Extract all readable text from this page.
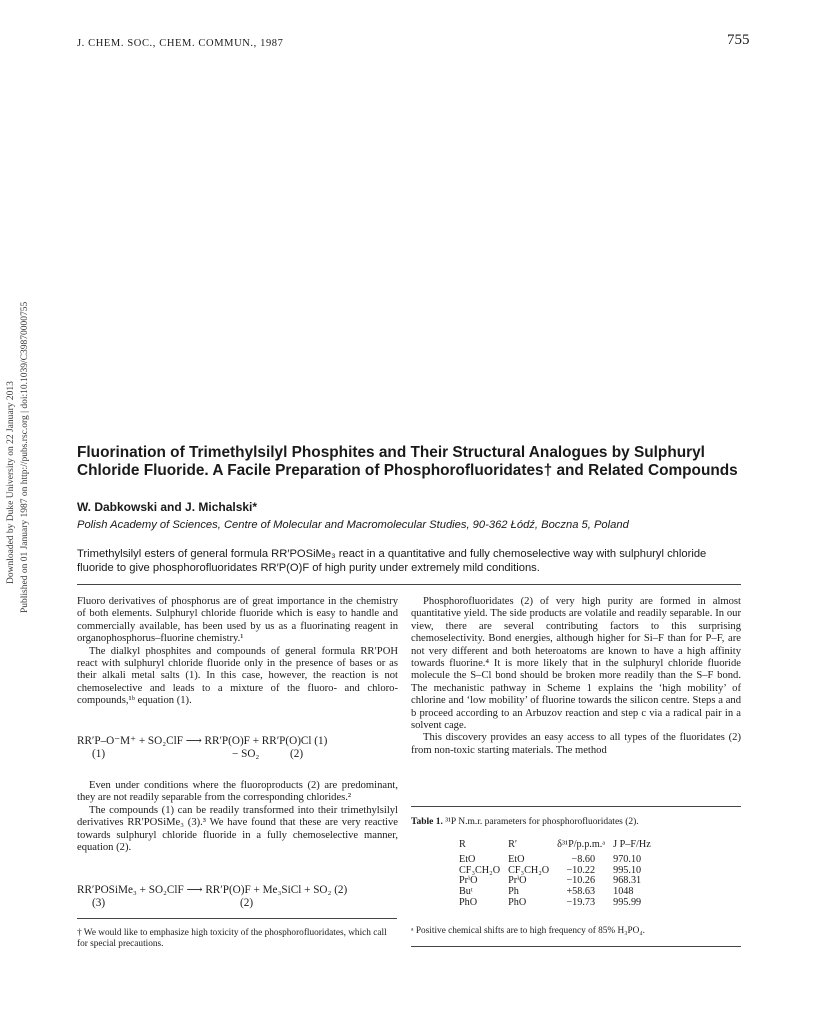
J. CHEM. SOC., CHEM. COMMUN., 1987	755
Downloaded by Duke University on 22 January 2013 Published on 01 January 1987 on http://pubs.rsc.org | doi:10.1039/C39870000755	Fluorination of Trimethylsilyl Phosphites and Their Structural Analogues by Sulphuryl Chloride Fluoride. A Facile Preparation of Phosphorofluoridates† and Related Compounds
W. Dabkowski and J. Michalski*
Polish Academy of Sciences, Centre of Molecular and Macromolecular Studies, 90-362 Łódź, Boczna 5, Poland
Trimethylsilyl esters of general formula RR′POSiMe₃ react in a quantitative and fully chemoselective way with sulphuryl chloride fluoride to give phosphorofluoridates RR′P(O)F of high purity under extremely mild conditions.

Fluoro derivatives of phosphorus are of great importance in the chemistry of both elements. Sulphuryl chloride fluoride which is easy to handle and commercially available, has been used by us as a fluorinating reagent in organophosphorus–fluorine chemistry.¹

The dialkyl phosphites and compounds of general formula RR′POH react with sulphuryl chloride fluoride only in the presence of bases or as their alkali metal salts (1). In this case, however, the reaction is not chemoselective and leads to a mixture of the fluoro- and chloro-compounds,¹ᵇ equation (1).

RR′P–O⁻M⁺ + SO₂ClF ⟶ RR′P(O)F + RR′P(O)Cl (1)
(1)	− SO₂	(2)

Even under conditions where the fluoroproducts (2) are predominant, they are not readily separable from the corresponding chlorides.²

The compounds (1) can be readily transformed into their trimethylsilyl derivatives RR′POSiMe₃ (3).³ We have found that these are very reactive towards sulphuryl chloride fluoride in a fully chemoselective manner, equation (2).

RR′POSiMe₃ + SO₂ClF ⟶ RR′P(O)F + Me₃SiCl + SO₂ (2)
(3)	(2)
† We would like to emphasize high toxicity of the phosphorofluoridates, which call for special precautions.

Phosphorofluoridates (2) of very high purity are formed in almost quantitative yield. The side products are volatile and readily separable. In our view, there are several contributing factors to this surprising chemoselectivity. Bond energies, although higher for Si–F than for P–F, are not very different and both heteroatoms are known to have a high affinity towards fluorine.⁴ It is more likely that in the sulphuryl chloride fluoride molecule the S–Cl bond should be broken more readily than the S–F bond. The mechanistic pathway in Scheme 1 explains the ‘high mobility’ of chlorine and ‘low mobility’ of fluorine towards the silicon centre. Steps a and b proceed according to an Arbuzov reaction and step c via a radical pair in a solvent cage.

This discovery provides an easy access to all types of the fluoridates (2) from non-toxic starting materials. The method

Table 1. ³¹P N.m.r. parameters for phosphorofluoridates (2).
R	R′	δ³¹P/p.p.m.ᵃ	J P–F/Hz
EtO	EtO	−8.60	970.10
CF₃CH₂O	CF₃CH₂O	−10.22	995.10
PrⁱO	PrⁱO	−10.26	968.31
Buᵗ	Ph	+58.63	1048
PhO	PhO	−19.73	995.99
ᵃ Positive chemical shifts are to high frequency of 85% H₃PO₄.
